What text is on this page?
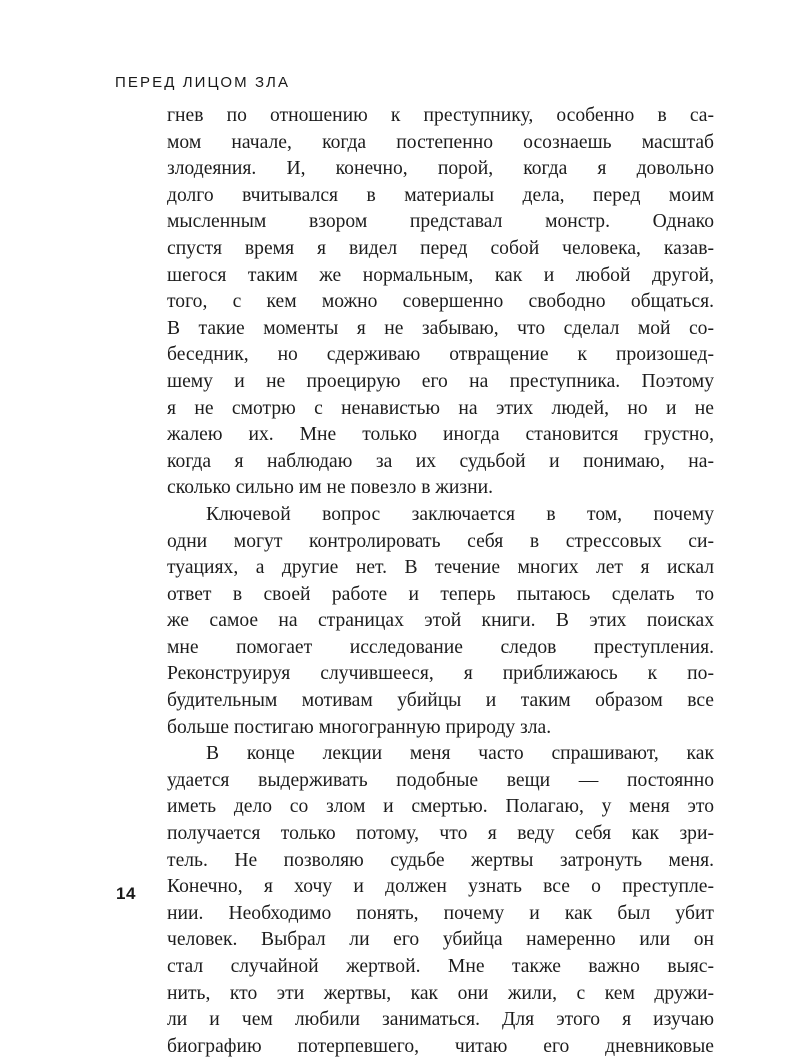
ПЕРЕД ЛИЦОМ ЗЛА
гнев по отношению к преступнику, особенно в са-
мом начале, когда постепенно осознаешь масштаб
злодеяния. И, конечно, порой, когда я довольно
долго вчитывался в материалы дела, перед моим
мысленным взором представал монстр. Однако
спустя время я видел перед собой человека, казав-
шегося таким же нормальным, как и любой другой,
того, с кем можно совершенно свободно общаться.
В такие моменты я не забываю, что сделал мой со-
беседник, но сдерживаю отвращение к произошед-
шему и не проецирую его на преступника. Поэтому
я не смотрю с ненавистью на этих людей, но и не
жалею их. Мне только иногда становится грустно,
когда я наблюдаю за их судьбой и понимаю, на-
сколько сильно им не повезло в жизни.
Ключевой вопрос заключается в том, почему
одни могут контролировать себя в стрессовых си-
туациях, а другие нет. В течение многих лет я искал
ответ в своей работе и теперь пытаюсь сделать то
же самое на страницах этой книги. В этих поисках
мне помогает исследование следов преступления.
Реконструируя случившееся, я приближаюсь к по-
будительным мотивам убийцы и таким образом все
больше постигаю многогранную природу зла.
В конце лекции меня часто спрашивают, как
удается выдерживать подобные вещи — постоянно
иметь дело со злом и смертью. Полагаю, у меня это
получается только потому, что я веду себя как зри-
тель. Не позволяю судьбе жертвы затронуть меня.
Конечно, я хочу и должен узнать все о преступле-
нии. Необходимо понять, почему и как был убит
человек. Выбрал ли его убийца намеренно или он
стал случайной жертвой. Мне также важно выяс-
нить, кто эти жертвы, как они жили, с кем дружи-
ли и чем любили заниматься. Для этого я изучаю
биографию потерпевшего, читаю его дневниковые
14
